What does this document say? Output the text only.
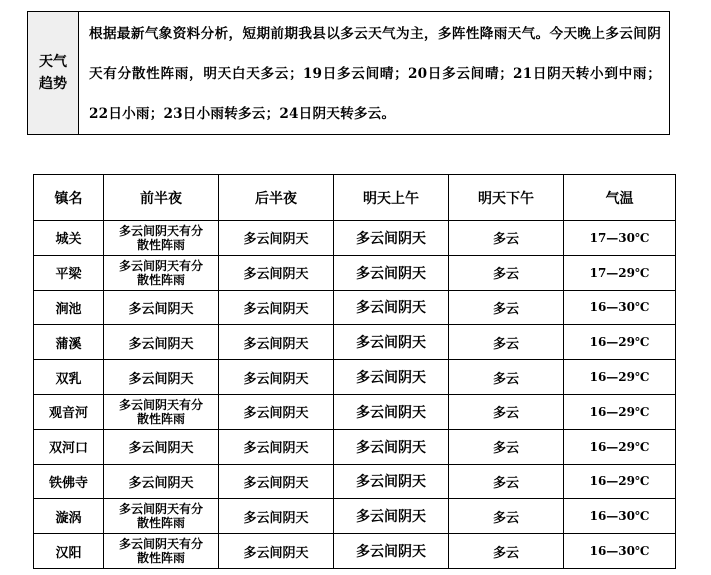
天气
趋势
	根据最新气象资料分析，短期前期我县以多云天气为主，多阵性降雨天气。今天晚上多云间阴天有分散性阵雨，明天白天多云；19日多云间晴；20日多云间晴；21日阴天转小到中雨；22日小雨；23日小雨转多云；24日阴天转多云。
镇名	前半夜	后半夜	明天上午	明天下午	气温
城关	多云间阴天有分散性阵雨	多云间阴天	多云间阴天	多云	17—30℃
平梁	多云间阴天有分散性阵雨	多云间阴天	多云间阴天	多云	17—29℃
涧池	多云间阴天	多云间阴天	多云间阴天	多云	16—30℃
蒲溪	多云间阴天	多云间阴天	多云间阴天	多云	16—29℃
双乳	多云间阴天	多云间阴天	多云间阴天	多云	16—29℃
观音河	多云间阴天有分散性阵雨	多云间阴天	多云间阴天	多云	16—29℃
双河口	多云间阴天	多云间阴天	多云间阴天	多云	16—29℃
铁佛寺	多云间阴天	多云间阴天	多云间阴天	多云	16—29℃
漩涡	多云间阴天有分散性阵雨	多云间阴天	多云间阴天	多云	16—30℃
汉阳	多云间阴天有分散性阵雨	多云间阴天	多云间阴天	多云	16—30℃
